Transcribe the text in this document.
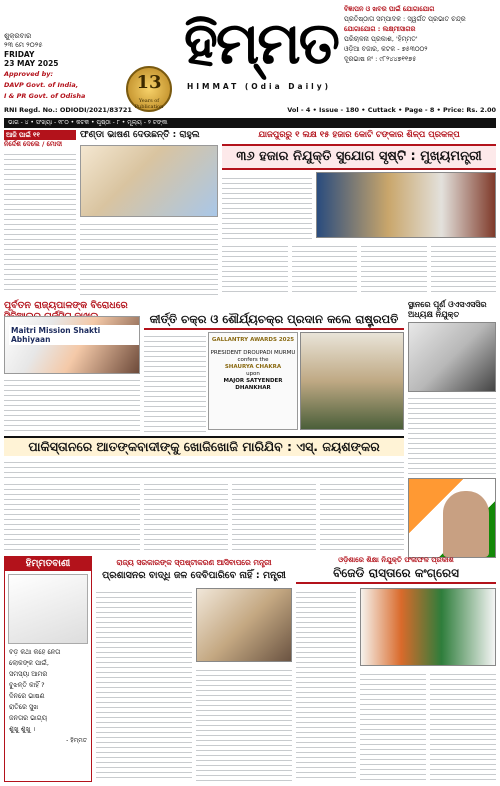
ଶୁକ୍ରବାର
୨୩ ମେ ୨୦୨୫
FRIDAY
23 MAY 2025
Approved by:
DAVP Govt. of India,
I & PR Govt. of Odisha
13
Years of Publication
ହିମ୍ମତ
HIMMAT (Odia Daily)
ବିଜ୍ଞାପନ ଓ ଖବର ପାଇଁ ଯୋଗାଯୋଗ
ପ୍ରତିଷ୍ଠାତା ସମ୍ପାଦକ : ସ୍ୱର୍ଗତ ପ୍ରଭାତ ଚନ୍ଦ୍ର
ଯୋଗାଯୋଗ : ଲକ୍ଷ୍ମୀସାଗର
ପରିଚାଳନା ପ୍ରକାଶ, 'ହିମ୍ମତ'
ଓଡ଼ିଆ ବଜାର, କଟକ - ୭୫୩୦୦୨
ଦୂରଭାଷ ନଂ : ୯୮୨୪୪୭୧୧୭୫
RNI Regd. No.: ODIODI/2021/83721	Vol - 4 • Issue - 180 • Cuttack • Page - 8 • Price: Rs. 2.00
ଭାଗ - ୪ • ସଂଖ୍ୟା - ୧୮୦ • କଟକ • ପୃଷ୍ଠା - ୮ • ମୂଲ୍ୟ - ୨ ଟଙ୍କା
ଆଜି ପାଇଁ ୧୧
ନିର୍ଦ୍ଦେଶ ଦେଲେ / ମୋଦୀ
ଫଣ୍ଡା ଭାଷଣ ଦେଉଛନ୍ତି : ରାହୁଲ	ଯାଜପୁରରୁ ୧ ଲକ୍ଷ ୧୫ ହଜାର କୋଟି ଟଙ୍କାର ଶିଳ୍ପ ପ୍ରକଳ୍ପ
୩୬ ହଜାର ନିଯୁକ୍ତି ସୁଯୋଗ ସୃଷ୍ଟି : ମୁଖ୍ୟମନ୍ତ୍ରୀ
ପୂର୍ବତନ ରାଜ୍ୟପାଳଙ୍କ ବିରୋଧରେ
Maitri Mission Shakti Abhiyaan
କୀର୍ତ୍ତି ଚକ୍ର ଓ ଶୌର୍ଯ୍ୟଚକ୍ର ପ୍ରଦାନ କଲେ ରାଷ୍ଟ୍ରପତି
GALLANTRY AWARDS 2025
PRESIDENT DROUPADI MURMU
confers the
SHAURYA CHAKRA
upon
MAJOR SATYENDER DHANKHAR
ସ୍ଥାନରେ ପୂର୍ଣ ଓଏସଏସସିର ଅଧ୍ୟକ୍ଷ ନିଯୁକ୍ତ
ପାକିସ୍ତାନରେ ଆତଙ୍କବାଦୀଙ୍କୁ ଖୋଜିଖୋଜି ମାରିଯିବ : ଏସ୍. ଜୟଶଙ୍କର
ହିମ୍ମତବାଣୀ
ବଡ଼ କଥା କହେ ନେତା
ଲୋକଙ୍କ ପାଇଁ,
ସମସ୍ୟା ଆମର
ବୁଝନ୍ତି କାହିଁ ?
ଦିନରେ ଭାଷଣ
ରାତିରେ ସୁଖ
ଜନତାର ଭାଗ୍ୟ
ଶୁଖୁ ଶୁଖୁ ।
- ହିମ୍ମତ
ରାଜ୍ୟ ସରକାରଙ୍କ ସ୍ପଷ୍ଟୀକରଣ ଆସିବାପରେ ମନ୍ତ୍ରୀ
ପ୍ରଶାସନର ବାଦ୍ଧି ଜଳ ଦେବିପାରିବେ ନାହିଁ : ମନ୍ତ୍ରୀ
ଓଡ଼ିଶାରେ ଶିକ୍ଷା ନିଯୁକ୍ତି ଫଳାଫଳ ପ୍ରକାଶ
ବିଜେଡି ରାସ୍ତାରେ କଂଗ୍ରେସ
